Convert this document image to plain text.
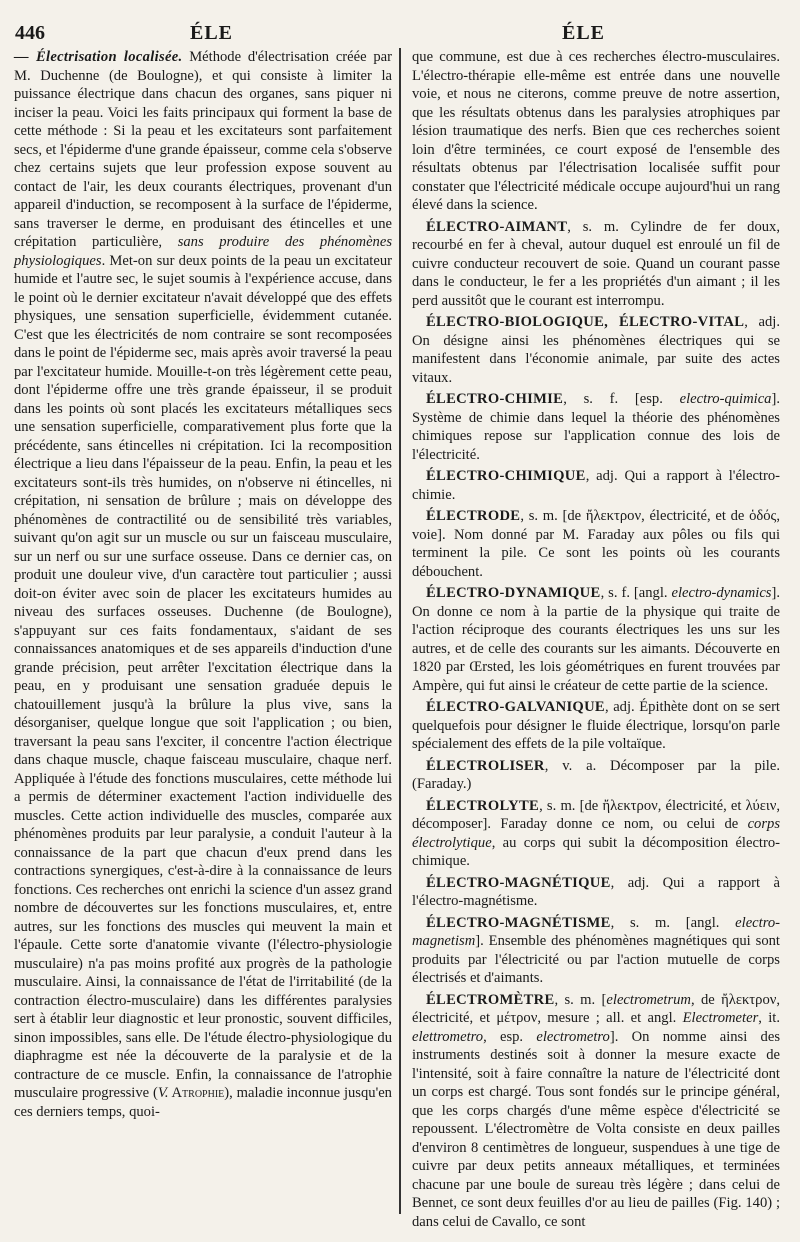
446	ÉLE	ÉLE

— Électrisation localisée. Méthode d'électrisation créée par M. Duchenne (de Boulogne), et qui consiste à limiter la puissance électrique dans chacun des organes, sans piquer ni inciser la peau. Voici les faits principaux qui forment la base de cette méthode : Si la peau et les excitateurs sont parfaitement secs, et l'épiderme d'une grande épaisseur, comme cela s'observe chez certains sujets que leur profession expose souvent au contact de l'air, les deux courants électriques, provenant d'un appareil d'induction, se recomposent à la surface de l'épiderme, sans traverser le derme, en produisant des étincelles et une crépitation particulière, sans produire des phénomènes physiologiques. Met-on sur deux points de la peau un excitateur humide et l'autre sec, le sujet soumis à l'expérience accuse, dans le point où le dernier excitateur n'avait développé que des effets physiques, une sensation superficielle, évidemment cutanée. C'est que les électricités de nom contraire se sont recomposées dans le point de l'épiderme sec, mais après avoir traversé la peau par l'excitateur humide. Mouille-t-on très légèrement cette peau, dont l'épiderme offre une très grande épaisseur, il se produit dans les points où sont placés les excitateurs métalliques secs une sensation superficielle, comparativement plus forte que la précédente, sans étincelles ni crépitation. Ici la recomposition électrique a lieu dans l'épaisseur de la peau. Enfin, la peau et les excitateurs sont-ils très humides, on n'observe ni étincelles, ni crépitation, ni sensation de brûlure ; mais on développe des phénomènes de contractilité ou de sensibilité très variables, suivant qu'on agit sur un muscle ou sur un faisceau musculaire, sur un nerf ou sur une surface osseuse. Dans ce dernier cas, on produit une douleur vive, d'un caractère tout particulier ; aussi doit-on éviter avec soin de placer les excitateurs humides au niveau des surfaces osseuses. Duchenne (de Boulogne), s'appuyant sur ces faits fondamentaux, s'aidant de ses connaissances anatomiques et de ses appareils d'induction d'une grande précision, peut arrêter l'excitation électrique dans la peau, en y produisant une sensation graduée depuis le chatouillement jusqu'à la brûlure la plus vive, sans la désorganiser, quelque longue que soit l'application ; ou bien, traversant la peau sans l'exciter, il concentre l'action électrique dans chaque muscle, chaque faisceau musculaire, chaque nerf. Appliquée à l'étude des fonctions musculaires, cette méthode lui a permis de déterminer exactement l'action individuelle des muscles. Cette action individuelle des muscles, comparée aux phénomènes produits par leur paralysie, a conduit l'auteur à la connaissance de la part que chacun d'eux prend dans les contractions synergiques, c'est-à-dire à la connaissance de leurs fonctions. Ces recherches ont enrichi la science d'un assez grand nombre de découvertes sur les fonctions musculaires, et, entre autres, sur les fonctions des muscles qui meuvent la main et l'épaule. Cette sorte d'anatomie vivante (l'électro-physiologie musculaire) n'a pas moins profité aux progrès de la pathologie musculaire. Ainsi, la connaissance de l'état de l'irritabilité (de la contraction électro-musculaire) dans les différentes paralysies sert à établir leur diagnostic et leur pronostic, souvent difficiles, sinon impossibles, sans elle. De l'étude électro-physiologique du diaphragme est née la découverte de la paralysie et de la contracture de ce muscle. Enfin, la connaissance de l'atrophie musculaire progressive (V. Atrophie), maladie inconnue jusqu'en ces derniers temps, quoi-

que commune, est due à ces recherches électro-musculaires. L'électro-thérapie elle-même est entrée dans une nouvelle voie, et nous ne citerons, comme preuve de notre assertion, que les résultats obtenus dans les paralysies atrophiques par lésion traumatique des nerfs. Bien que ces recherches soient loin d'être terminées, ce court exposé de l'ensemble des résultats obtenus par l'électrisation localisée suffit pour constater que l'électricité médicale occupe aujourd'hui un rang élevé dans la science.

ÉLECTRO-AIMANT, s. m. Cylindre de fer doux, recourbé en fer à cheval, autour duquel est enroulé un fil de cuivre conducteur recouvert de soie. Quand un courant passe dans le conducteur, le fer a les propriétés d'un aimant ; il les perd aussitôt que le courant est interrompu.

ÉLECTRO-BIOLOGIQUE, ÉLECTRO-VITAL, adj. On désigne ainsi les phénomènes électriques qui se manifestent dans l'économie animale, par suite des actes vitaux.

ÉLECTRO-CHIMIE, s. f. [esp. electro-quimica]. Système de chimie dans lequel la théorie des phénomènes chimiques repose sur l'application connue des lois de l'électricité.

ÉLECTRO-CHIMIQUE, adj. Qui a rapport à l'électro-chimie.

ÉLECTRODE, s. m. [de ἤλεκτρον, électricité, et de ὁδός, voie]. Nom donné par M. Faraday aux pôles ou fils qui terminent la pile. Ce sont les points où les courants débouchent.

ÉLECTRO-DYNAMIQUE, s. f. [angl. electro-dynamics]. On donne ce nom à la partie de la physique qui traite de l'action réciproque des courants électriques les uns sur les autres, et de celle des courants sur les aimants. Découverte en 1820 par Œrsted, les lois géométriques en furent trouvées par Ampère, qui fut ainsi le créateur de cette partie de la science.

ÉLECTRO-GALVANIQUE, adj. Épithète dont on se sert quelquefois pour désigner le fluide électrique, lorsqu'on parle spécialement des effets de la pile voltaïque.

ÉLECTROLISER, v. a. Décomposer par la pile. (Faraday.)

ÉLECTROLYTE, s. m. [de ἤλεκτρον, électricité, et λύειν, décomposer]. Faraday donne ce nom, ou celui de corps électrolytique, au corps qui subit la décomposition électro-chimique.

ÉLECTRO-MAGNÉTIQUE, adj. Qui a rapport à l'électro-magnétisme.

ÉLECTRO-MAGNÉTISME, s. m. [angl. electro-magnetism]. Ensemble des phénomènes magnétiques qui sont produits par l'électricité ou par l'action mutuelle de corps électrisés et d'aimants.

ÉLECTROMÈTRE, s. m. [electrometrum, de ἤλεκτρον, électricité, et μέτρον, mesure ; all. et angl. Electrometer, it. elettrometro, esp. electrometro]. On nomme ainsi des instruments destinés soit à donner la mesure exacte de l'intensité, soit à faire connaître la nature de l'électricité dont un corps est chargé. Tous sont fondés sur le principe général, que les corps chargés d'une même espèce d'électricité se repoussent. L'électromètre de Volta consiste en deux pailles d'environ 8 centimètres de longueur, suspendues à une tige de cuivre par deux petits anneaux métalliques, et terminées chacune par une boule de sureau très légère ; dans celui de Bennet, ce sont deux feuilles d'or au lieu de pailles (Fig. 140) ; dans celui de Cavallo, ce sont
